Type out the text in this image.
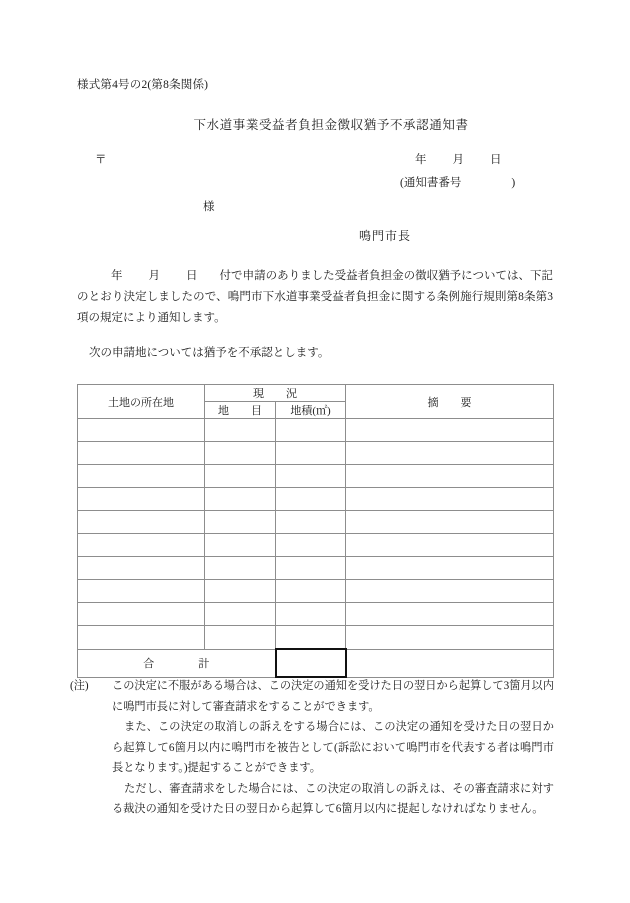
様式第4号の2(第8条関係)
下水道事業受益者負担金徴収猶予不承認通知書
〒	年 月 日
(通知書番号	)
様
鳴門市長
年 月 日 付で申請のありました受益者負担金の徴収猶予については、下記のとおり決定しましたので、鳴門市下水道事業受益者負担金に関する条例施行規則第8条第3項の規定により通知します。
次の申請地については猶予を不承認とします。
土地の所在地	現　　況		摘　　要
	地　　目	地積(㎡)	

合　　　　計			
(注)	この決定に不服がある場合は、この決定の通知を受けた日の翌日から起算して3箇月以内に鳴門市長に対して審査請求をすることができます。

また、この決定の取消しの訴えをする場合には、この決定の通知を受けた日の翌日から起算して6箇月以内に鳴門市を被告として(訴訟において鳴門市を代表する者は鳴門市長となります。)提起することができます。

ただし、審査請求をした場合には、この決定の取消しの訴えは、その審査請求に対する裁決の通知を受けた日の翌日から起算して6箇月以内に提起しなければなりません。
